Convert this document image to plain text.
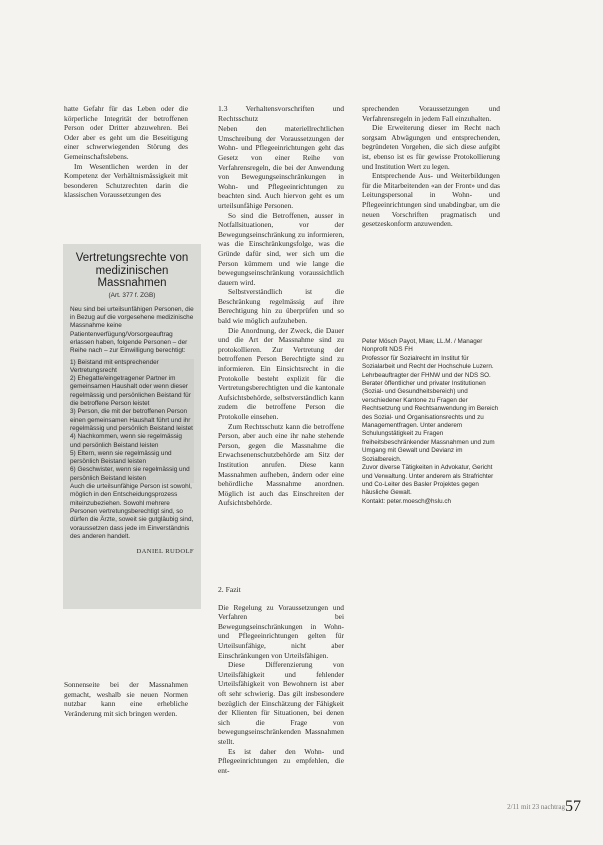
hatte Gefahr für das Leben oder die körperliche Integrität der betroffenen Person oder Dritter abzuwehren. Bei Oder aber es geht um die Beseitigung einer schwerwiegenden Störung des Gemeinschaftslebens.

Im Wesentlichen werden in der Kompetenz der Verhältnismässigkeit mit besonderen Schutzrechten darin die klassischen Voraussetzungen des

Vertretungsrechte von medizinischen Massnahmen
(Art. 377 f. ZGB)

Neu sind bei urteilsunfähigen Personen, die in Bezug auf die vorgesehene medizinische Massnahme keine Patientenverfügung/Vorsorgeauftrag erlassen haben, folgende Personen – der Reihe nach – zur Einwilligung berechtigt:

1) Beistand mit entsprechender Vertretungsrecht

2) Ehegatte/eingetragener Partner im gemeinsamen Haushalt oder wenn dieser regelmässig und persönlichen Beistand für die betroffene Person leistet

3) Person, die mit der betroffenen Person einen gemeinsamen Haushalt führt und ihr regelmässig und persönlich Beistand leistet

4) Nachkommen, wenn sie regelmässig und persönlich Beistand leisten

5) Eltern, wenn sie regelmässig und persönlich Beistand leisten

6) Geschwister, wenn sie regelmässig und persönlich Beistand leisten

Auch die urteilsunfähige Person ist sowohl, möglich in den Entscheidungsprozess miteinzubeziehen. Sowohl mehrere Personen vertretungsberechtigt sind, so dürfen die Ärzte, soweit sie gutgläubig sind, voraussetzen dass jede im Einverständnis des anderen handelt.

DANIEL RUDOLF
Sonnenseite bei der Massnahmen gemacht, weshalb sie neuen Normen nutzbar kann eine erhebliche Veränderung mit sich bringen werden.
1.3 Verhaltensvorschriften und Rechtsschutz

Neben den materiellrechtlichen Umschreibung der Voraussetzungen der Wohn- und Pflegeeinrichtungen geht das Gesetz von einer Reihe von Verfahrensregeln, die bei der Anwendung von Bewegungseinschränkungen in Wohn- und Pflegeeinrichtungen zu beachten sind. Auch hiervon geht es um urteilsunfähige Personen.

So sind die Betroffenen, ausser in Notfallsituationen, vor der Bewegungseinschränkung zu informieren, was die Einschränkungsfolge, was die Gründe dafür sind, wer sich um die Person kümmern und wie lange die bewegungseinschränkung voraussichtlich dauern wird.

Selbstverständlich ist die Beschränkung regelmässig auf ihre Berechtigung hin zu überprüfen und so bald wie möglich aufzuheben.

Die Anordnung, der Zweck, die Dauer und die Art der Massnahme sind zu protokollieren. Zur Vertretung der betroffenen Person Berechtigte sind zu informieren. Ein Einsichtsrecht in die Protokolle besteht explizit für die Vertretungsberechtigten und die kantonale Aufsichtsbehörde, selbstverständlich kann zudem die betroffene Person die Protokolle einsehen.

Zum Rechtsschutz kann die betroffene Person, aber auch eine ihr nahe stehende Person, gegen die Massnahme die Erwachsenenschutzbehörde am Sitz der Institution anrufen. Diese kann Massnahmen aufheben, ändern oder eine behördliche Massnahme anordnen. Möglich ist auch das Einschreiten der Aufsichtsbehörde.

2. Fazit

Die Regelung zu Voraussetzungen und Verfahren bei Bewegungseinschränkungen in Wohn- und Pflegeeinrichtungen gelten für Urteilsunfähige, nicht aber Einschränkungen von Urteilsfähigen.

Diese Differenzierung von Urteilsfähigkeit und fehlender Urteilsfähigkeit von Bewohnern ist aber oft sehr schwierig. Das gilt insbesondere bezüglich der Einschätzung der Fähigkeit der Klienten für Situationen, bei denen sich die Frage von bewegungseinschränkenden Massnahmen stellt.

Es ist daher den Wohn- und Pflegeeinrichtungen zu empfehlen, die ent-

sprechenden Voraussetzungen und Verfahrensregeln in jedem Fall einzuhalten.

Die Erweiterung dieser im Recht nach sorgsam Abwägungen und entsprechenden, begründeten Vorgehen, die sich diese aufgibt ist, ebenso ist es für gewisse Protokollierung und Institution Wert zu legen.

Entsprechende Aus- und Weiterbildungen für die Mitarbeitenden «an der Front» und das Leitungspersonal in Wohn- und Pflegeeinrichtungen sind unabdingbar, um die neuen Vorschriften pragmatisch und gesetzeskonform anzuwenden.

Peter Mösch Payot, Mlaw, LL.M. / Manager Nonprofit NDS FH

Professor für Sozialrecht im Institut für Sozialarbeit und Recht der Hochschule Luzern. Lehrbeauftragter der FHNW und der NDS SO.

Berater öffentlicher und privater Institutionen (Sozial- und Gesundheitsbereich) und verschiedener Kantone zu Fragen der Rechtsetzung und Rechtsanwendung im Bereich des Sozial- und Organisationsrechts und zu Managementfragen. Unter anderem Schulungstätigkeit zu Fragen freiheitsbeschränkender Massnahmen und zum Umgang mit Gewalt und Devianz im Sozialbereich.

Zuvor diverse Tätigkeiten in Advokatur, Gericht und Verwaltung. Unter anderem als Strafrichter und Co-Leiter des Basler Projektes gegen häusliche Gewalt.

Kontakt: peter.moesch@hslu.ch

2/11 mit 23 nachtrag 57
